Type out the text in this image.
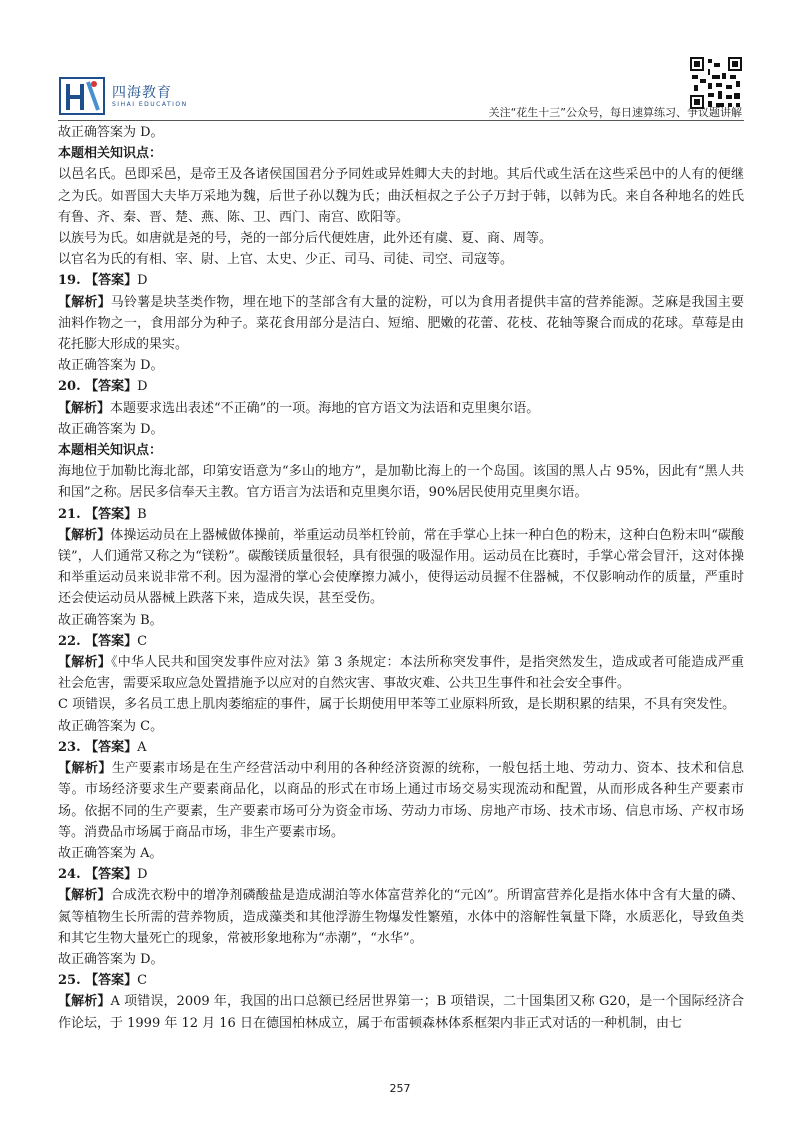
四海教育
SIHAI EDUCATION
关注“花生十三”公众号，每日速算练习、争议题讲解

故正确答案为 D。

本题相关知识点：

以邑名氏。邑即采邑，是帝王及各诸侯国国君分予同姓或异姓卿大夫的封地。其后代或生活在这些采邑中的人有的便继之为氏。如晋国大夫毕万采地为魏，后世子孙以魏为氏；曲沃桓叔之子公子万封于韩，以韩为氏。来自各种地名的姓氏有鲁、齐、秦、晋、楚、燕、陈、卫、西门、南宫、欧阳等。

以族号为氏。如唐就是尧的号，尧的一部分后代便姓唐，此外还有虞、夏、商、周等。

以官名为氏的有相、宰、尉、上官、太史、少正、司马、司徒、司空、司寇等。

19. 【答案】D

【解析】马铃薯是块茎类作物，埋在地下的茎部含有大量的淀粉，可以为食用者提供丰富的营养能源。芝麻是我国主要油料作物之一，食用部分为种子。菜花食用部分是洁白、短缩、肥嫩的花蕾、花枝、花轴等聚合而成的花球。草莓是由花托膨大形成的果实。

故正确答案为 D。

20. 【答案】D

【解析】本题要求选出表述“不正确”的一项。海地的官方语文为法语和克里奥尔语。

故正确答案为 D。

本题相关知识点：

海地位于加勒比海北部，印第安语意为“多山的地方”，是加勒比海上的一个岛国。该国的黑人占 95%，因此有“黑人共和国”之称。居民多信奉天主教。官方语言为法语和克里奥尔语，90%居民使用克里奥尔语。

21. 【答案】B

【解析】体操运动员在上器械做体操前，举重运动员举杠铃前，常在手掌心上抹一种白色的粉末，这种白色粉末叫“碳酸镁”，人们通常又称之为“镁粉”。碳酸镁质量很轻，具有很强的吸湿作用。运动员在比赛时，手掌心常会冒汗，这对体操和举重运动员来说非常不利。因为湿滑的掌心会使摩擦力减小，使得运动员握不住器械，不仅影响动作的质量，严重时还会使运动员从器械上跌落下来，造成失误，甚至受伤。

故正确答案为 B。

22. 【答案】C

【解析】《中华人民共和国突发事件应对法》第 3 条规定：本法所称突发事件，是指突然发生，造成或者可能造成严重社会危害，需要采取应急处置措施予以应对的自然灾害、事故灾难、公共卫生事件和社会安全事件。

C 项错误，多名员工患上肌肉萎缩症的事件，属于长期使用甲苯等工业原料所致，是长期积累的结果，不具有突发性。

故正确答案为 C。

23. 【答案】A

【解析】生产要素市场是在生产经营活动中利用的各种经济资源的统称，一般包括土地、劳动力、资本、技术和信息等。市场经济要求生产要素商品化，以商品的形式在市场上通过市场交易实现流动和配置，从而形成各种生产要素市场。依据不同的生产要素，生产要素市场可分为资金市场、劳动力市场、房地产市场、技术市场、信息市场、产权市场等。消费品市场属于商品市场，非生产要素市场。

故正确答案为 A。

24. 【答案】D

【解析】合成洗衣粉中的增净剂磷酸盐是造成湖泊等水体富营养化的“元凶”。所谓富营养化是指水体中含有大量的磷、氮等植物生长所需的营养物质，造成藻类和其他浮游生物爆发性繁殖，水体中的溶解性氧量下降，水质恶化，导致鱼类和其它生物大量死亡的现象，常被形象地称为“赤潮”，“水华”。

故正确答案为 D。

25. 【答案】C

【解析】A 项错误，2009 年，我国的出口总额已经居世界第一；B 项错误，二十国集团又称 G20，是一个国际经济合作论坛，于 1999 年 12 月 16 日在德国柏林成立，属于布雷顿森林体系框架内非正式对话的一种机制，由七

257
